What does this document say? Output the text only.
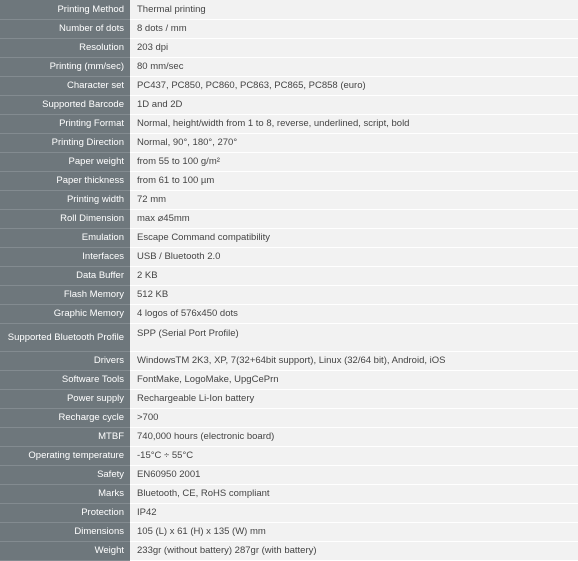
Printing Method	Thermal printing
Number of dots	8 dots / mm
Resolution	203 dpi
Printing (mm/sec)	80 mm/sec
Character set	PC437, PC850, PC860, PC863, PC865, PC858 (euro)
Supported Barcode	1D and 2D
Printing Format	Normal, height/width from 1 to 8, reverse, underlined, script, bold
Printing Direction	Normal, 90°, 180°, 270°
Paper weight	from 55 to 100 g/m²
Paper thickness	from 61 to 100 µm
Printing width	72 mm
Roll Dimension	max ⌀45mm
Emulation	Escape Command compatibility
Interfaces	USB / Bluetooth 2.0
Data Buffer	2 KB
Flash Memory	512 KB
Graphic Memory	4 logos of 576x450 dots
Supported Bluetooth Profile	SPP (Serial Port Profile)
Drivers	WindowsTM 2K3, XP, 7(32+64bit support), Linux (32/64 bit), Android, iOS
Software Tools	FontMake, LogoMake, UpgCePrn
Power supply	Rechargeable Li-Ion battery
Recharge cycle	>700
MTBF	740,000 hours (electronic board)
Operating temperature	-15°C ÷ 55°C
Safety	EN60950 2001
Marks	Bluetooth, CE, RoHS compliant
Protection	IP42
Dimensions	105 (L) x 61 (H) x 135 (W) mm
Weight	233gr (without battery) 287gr (with battery)
